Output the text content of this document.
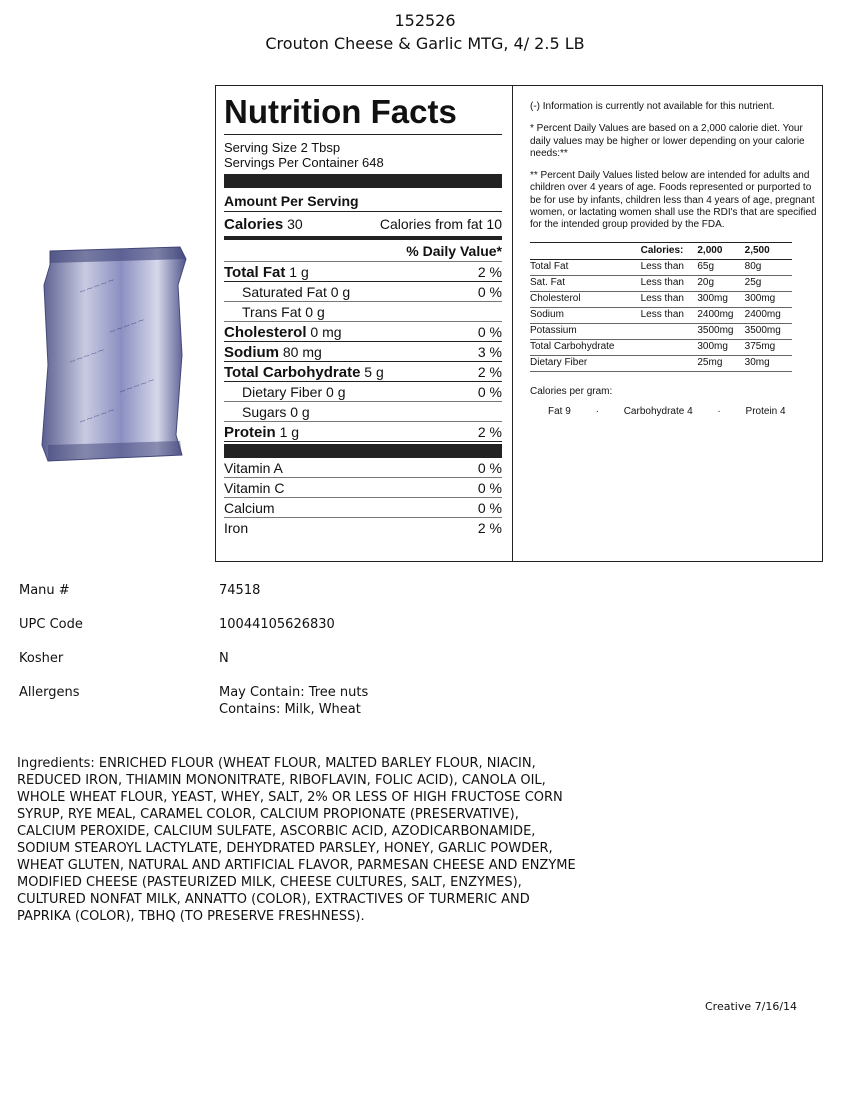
152526
Crouton Cheese & Garlic MTG, 4/ 2.5 LB
~~~~~
~~~~~
~~~~~
~~~~~
~~~~~
Nutrition Facts
Serving Size 2 Tbsp
Servings Per Container 648
Amount Per Serving
Calories 30	Calories from fat 10
% Daily Value*
Total Fat 1 g	2 %
Saturated Fat 0 g	0 %
Trans Fat 0 g
Cholesterol 0 mg	0 %
Sodium 80 mg	3 %
Total Carbohydrate 5 g	2 %
Dietary Fiber 0 g	0 %
Sugars 0 g
Protein 1 g	2 %
Vitamin A	0 %
Vitamin C	0 %
Calcium	0 %
Iron	2 %

(-) Information is currently not available for this nutrient.

* Percent Daily Values are based on a 2,000 calorie diet. Your daily values may be higher or lower depending on your calorie needs:**

** Percent Daily Values listed below are intended for adults and children over 4 years of age. Foods represented or purported to be for use by infants, children less than 4 years of age, pregnant women, or lactating women shall use the RDI's that are specified for the intended group provided by the FDA.

	Calories:	2,000	2,500
Total Fat	Less than	65g	80g
Sat. Fat	Less than	20g	25g
Cholesterol	Less than	300mg	300mg
Sodium	Less than	2400mg	2400mg
Potassium		3500mg	3500mg
Total Carbohydrate		300mg	375mg
Dietary Fiber		25mg	30mg
Calories per gram:
Fat 9 · Carbohydrate 4 · Protein 4
Manu #	74518
UPC Code	10044105626830
Kosher	N
Allergens	May Contain: Tree nuts
Contains: Milk, Wheat
Ingredients: ENRICHED FLOUR (WHEAT FLOUR, MALTED BARLEY FLOUR, NIACIN, REDUCED IRON, THIAMIN MONONITRATE, RIBOFLAVIN, FOLIC ACID), CANOLA OIL, WHOLE WHEAT FLOUR, YEAST, WHEY, SALT, 2% OR LESS OF HIGH FRUCTOSE CORN SYRUP, RYE MEAL, CARAMEL COLOR, CALCIUM PROPIONATE (PRESERVATIVE), CALCIUM PEROXIDE, CALCIUM SULFATE, ASCORBIC ACID, AZODICARBONAMIDE, SODIUM STEAROYL LACTYLATE, DEHYDRATED PARSLEY, HONEY, GARLIC POWDER, WHEAT GLUTEN, NATURAL AND ARTIFICIAL FLAVOR, PARMESAN CHEESE AND ENZYME MODIFIED CHEESE (PASTEURIZED MILK, CHEESE CULTURES, SALT, ENZYMES), CULTURED NONFAT MILK, ANNATTO (COLOR), EXTRACTIVES OF TURMERIC AND PAPRIKA (COLOR), TBHQ (TO PRESERVE FRESHNESS).
Creative 7/16/14
